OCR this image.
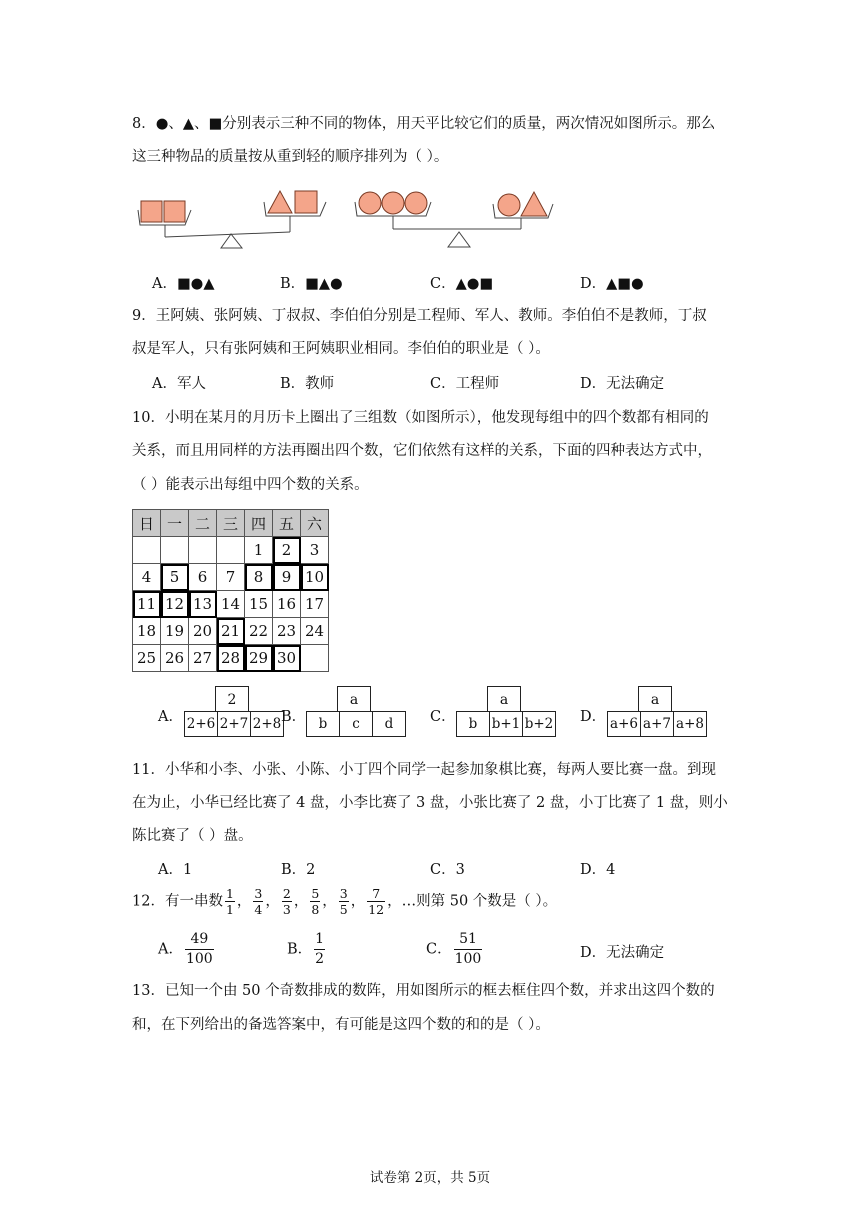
8．●、▲、■分别表示三种不同的物体，用天平比较它们的质量，两次情况如图所示。那么
这三种物品的质量按从重到轻的顺序排列为（ ）。
A．■●▲	B．■▲●	C．▲●■	D．▲■●
9．王阿姨、张阿姨、丁叔叔、李伯伯分别是工程师、军人、教师。李伯伯不是教师，丁叔
叔是军人，只有张阿姨和王阿姨职业相同。李伯伯的职业是（ ）。
A．军人	B．教师	C．工程师	D．无法确定
10．小明在某月的月历卡上圈出了三组数（如图所示），他发现每组中的四个数都有相同的
关系，而且用同样的方法再圈出四个数，它们依然有这样的关系，下面的四种表达方式中，
（ ）能表示出每组中四个数的关系。
日	一	二	三	四	五	六
				1	2	3
4	5	6	7	8	9	10
11	12	13	14	15	16	17
18	19	20	21	22	23	24
25	26	27	28	29	30	
A．
2
2+6 2+7 2+8 B．
a
b	c	d	C．
a
b	b+1 b+2 D．
a
a+6 a+7 a+8
11．小华和小李、小张、小陈、小丁四个同学一起参加象棋比赛，每两人要比赛一盘。到现
在为止，小华已经比赛了 4 盘，小李比赛了 3 盘，小张比赛了 2 盘，小丁比赛了 1 盘，则小
陈比赛了（ ）盘。
A．1	B．2	C．3	D．4
12．有一串数 $\frac{1}{1}$ ， $\frac{3}{4}$ ， $\frac{2}{3}$ ， $\frac{5}{8}$ ， $\frac{3}{5}$ ， $\frac{7}{12}$ ，…则第 50 个数是（ ）。
A． $\frac{49}{100}$	B． $\frac{1}{2}$	C． $\frac{51}{100}$	D．无法确定
13．已知一个由 50 个奇数排成的数阵，用如图所示的框去框住四个数，并求出这四个数的
和，在下列给出的备选答案中，有可能是这四个数的和的是（ ）。
试卷第 2页，共 5页
